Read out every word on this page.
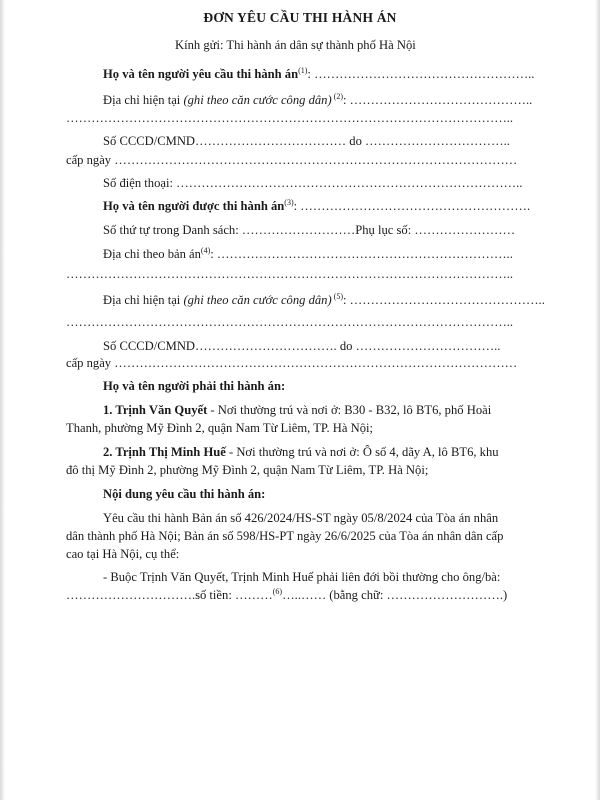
ĐƠN YÊU CẦU THI HÀNH ÁN
Kính gửi: Thi hành án dân sự thành phố Hà Nội
Họ và tên người yêu cầu thi hành $án^{(1)}$: ……………………………………………..
Địa chỉ hiện tại (ghi theo căn cước công dân) $^{(2)}$: ……………………………………..
……………………………………………………………………………………………..
Số CCCD/CMND……………………………… do ……………………………..
cấp ngày ……………………………………………………………………………………
Số điện thoại: ………………………………………………………………………..
Họ và tên người được thi hành $án^{(3)}$: ……………………………………………….
Số thứ tự trong Danh sách: ………………………Phụ lục số: ……………………
Địa chỉ theo bản $án^{(4)}$: ……………………………………………………………..
……………………………………………………………………………………………..
Địa chỉ hiện tại (ghi theo căn cước công dân) $^{(5)}$: ………………………………………..
……………………………………………………………………………………………..
Số CCCD/CMND……………………………. do ……………………………..
cấp ngày ……………………………………………………………………………………
Họ và tên người phải thi hành án:
1. Trịnh Văn Quyết - Nơi thường trú và nơi ở: B30 - B32, lô BT6, phố Hoài
Thanh, phường Mỹ Đình 2, quận Nam Từ Liêm, TP. Hà Nội;
2. Trịnh Thị Minh Huế - Nơi thường trú và nơi ở: Ô số 4, dãy A, lô BT6, khu
đô thị Mỹ Đình 2, phường Mỹ Đình 2, quận Nam Từ Liêm, TP. Hà Nội;
Nội dung yêu cầu thi hành án:
Yêu cầu thi hành Bản án số 426/2024/HS-ST ngày 05/8/2024 của Tòa án nhân
dân thành phố Hà Nội; Bản án số 598/HS-PT ngày 26/6/2025 của Tòa án nhân dân cấp
cao tại Hà Nội, cụ thể:
- Buộc Trịnh Văn Quyết, Trịnh Minh Huế phải liên đới bồi thường cho ông/bà:
………………………….số tiền: ………$^{(6)}$…..…… (bằng chữ: ……………………….)
